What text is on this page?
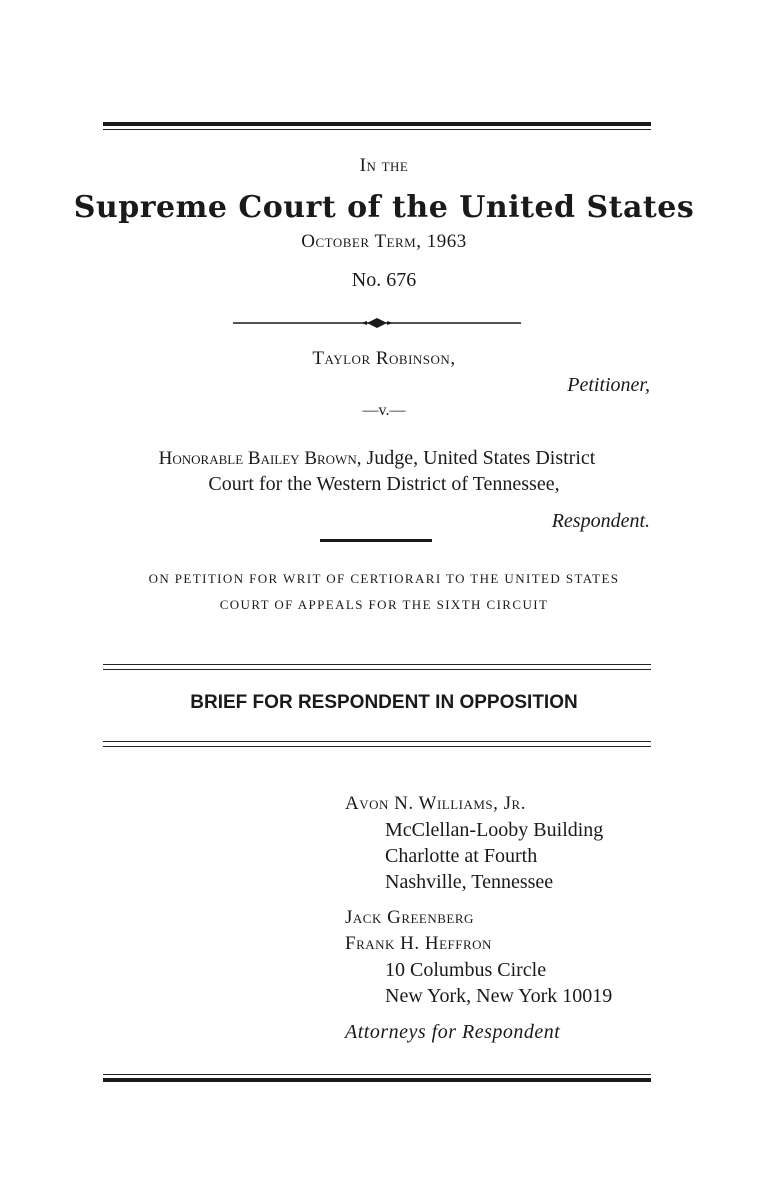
In the
Supreme Court of the United States
October Term, 1963
No. 676
Taylor Robinson,
Petitioner,
—v.—
Honorable Bailey Brown, Judge, United States District
Court for the Western District of Tennessee,
Respondent.
ON PETITION FOR WRIT OF CERTIORARI TO THE UNITED STATES
COURT OF APPEALS FOR THE SIXTH CIRCUIT
BRIEF FOR RESPONDENT IN OPPOSITION
Avon N. Williams, Jr.
McClellan-Looby Building
Charlotte at Fourth
Nashville, Tennessee
Jack Greenberg
Frank H. Heffron
10 Columbus Circle
New York, New York 10019
Attorneys for Respondent
